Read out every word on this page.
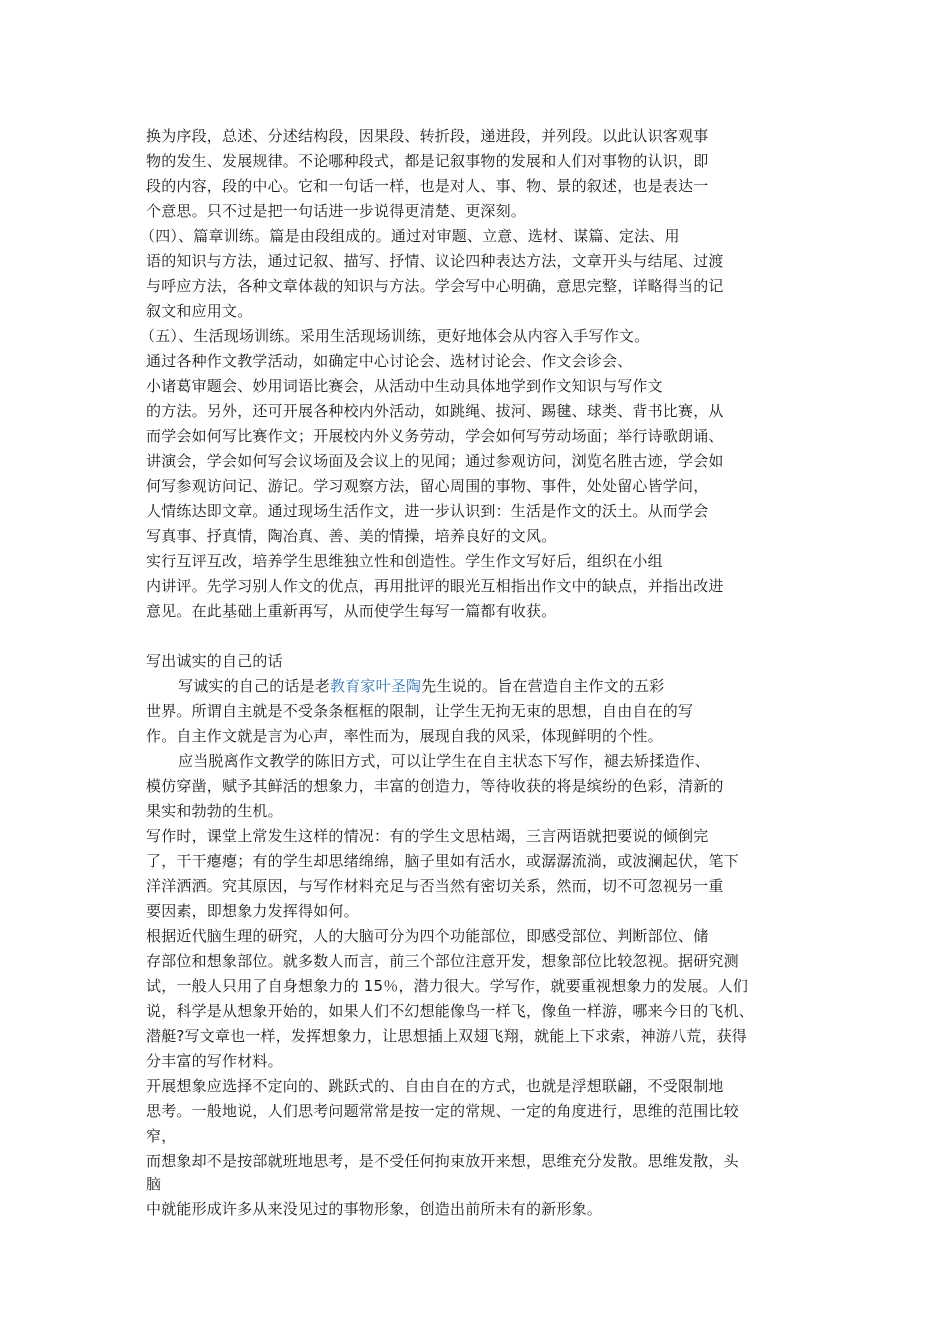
换为序段，总述、分述结构段，因果段、转折段，递进段，并列段。以此认识客观事

物的发生、发展规律。不论哪种段式，都是记叙事物的发展和人们对事物的认识，即

段的内容，段的中心。它和一句话一样，也是对人、事、物、景的叙述，也是表达一

个意思。只不过是把一句话进一步说得更清楚、更深刻。

（四）、篇章训练。篇是由段组成的。通过对审题、立意、选材、谋篇、定法、用

语的知识与方法，通过记叙、描写、抒情、议论四种表达方法，文章开头与结尾、过渡

与呼应方法，各种文章体裁的知识与方法。学会写中心明确，意思完整，详略得当的记

叙文和应用文。

（五）、生活现场训练。采用生活现场训练，更好地体会从内容入手写作文。

通过各种作文教学活动，如确定中心讨论会、选材讨论会、作文会诊会、

小诸葛审题会、妙用词语比赛会，从活动中生动具体地学到作文知识与写作文

的方法。另外，还可开展各种校内外活动，如跳绳、拔河、踢毽、球类、背书比赛，从

而学会如何写比赛作文；开展校内外义务劳动，学会如何写劳动场面；举行诗歌朗诵、

讲演会，学会如何写会议场面及会议上的见闻；通过参观访问，浏览名胜古迹，学会如

何写参观访问记、游记。学习观察方法，留心周围的事物、事件，处处留心皆学问，

人情练达即文章。通过现场生活作文，进一步认识到：生活是作文的沃土。从而学会

写真事、抒真情，陶冶真、善、美的情操，培养良好的文风。

实行互评互改，培养学生思维独立性和创造性。学生作文写好后，组织在小组

内讲评。先学习别人作文的优点，再用批评的眼光互相指出作文中的缺点，并指出改进

意见。在此基础上重新再写，从而使学生每写一篇都有收获。

写出诚实的自己的话

写诚实的自己的话是老教育家叶圣陶先生说的。旨在营造自主作文的五彩

世界。所谓自主就是不受条条框框的限制，让学生无拘无束的思想，自由自在的写

作。自主作文就是言为心声，率性而为，展现自我的风采，体现鲜明的个性。

应当脱离作文教学的陈旧方式，可以让学生在自主状态下写作，褪去矫揉造作、

模仿穿凿，赋予其鲜活的想象力，丰富的创造力，等待收获的将是缤纷的色彩，清新的

果实和勃勃的生机。

写作时，课堂上常发生这样的情况：有的学生文思枯竭，三言两语就把要说的倾倒完

了，干干瘪瘪；有的学生却思绪绵绵，脑子里如有活水，或潺潺流淌，或波澜起伏，笔下

洋洋洒洒。究其原因，与写作材料充足与否当然有密切关系，然而，切不可忽视另一重

要因素，即想象力发挥得如何。

根据近代脑生理的研究，人的大脑可分为四个功能部位，即感受部位、判断部位、储

存部位和想象部位。就多数人而言，前三个部位注意开发，想象部位比较忽视。据研究测

试，一般人只用了自身想象力的 15％，潜力很大。学写作，就要重视想象力的发展。人们

说，科学是从想象开始的，如果人们不幻想能像鸟一样飞，像鱼一样游，哪来今日的飞机、

潜艇?写文章也一样，发挥想象力，让思想插上双翅飞翔，就能上下求索，神游八荒，获得

分丰富的写作材料。

开展想象应选择不定向的、跳跃式的、自由自在的方式，也就是浮想联翩，不受限制地

思考。一般地说，人们思考问题常常是按一定的常规、一定的角度进行，思维的范围比较

窄，

而想象却不是按部就班地思考，是不受任何拘束放开来想，思维充分发散。思维发散，头

脑

中就能形成许多从来没见过的事物形象，创造出前所未有的新形象。
